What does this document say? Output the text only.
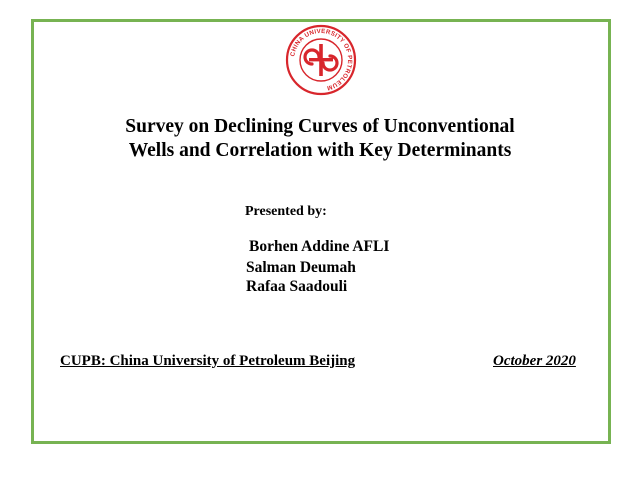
CHINA UNIVERSITY OF PETROLEUM
Survey on Declining Curves of Unconventional
Wells and Correlation with Key Determinants
Presented by:
Borhen Addine AFLI
Salman Deumah
Rafaa Saadouli
CUPB: China University of Petroleum Beijing	October 2020
